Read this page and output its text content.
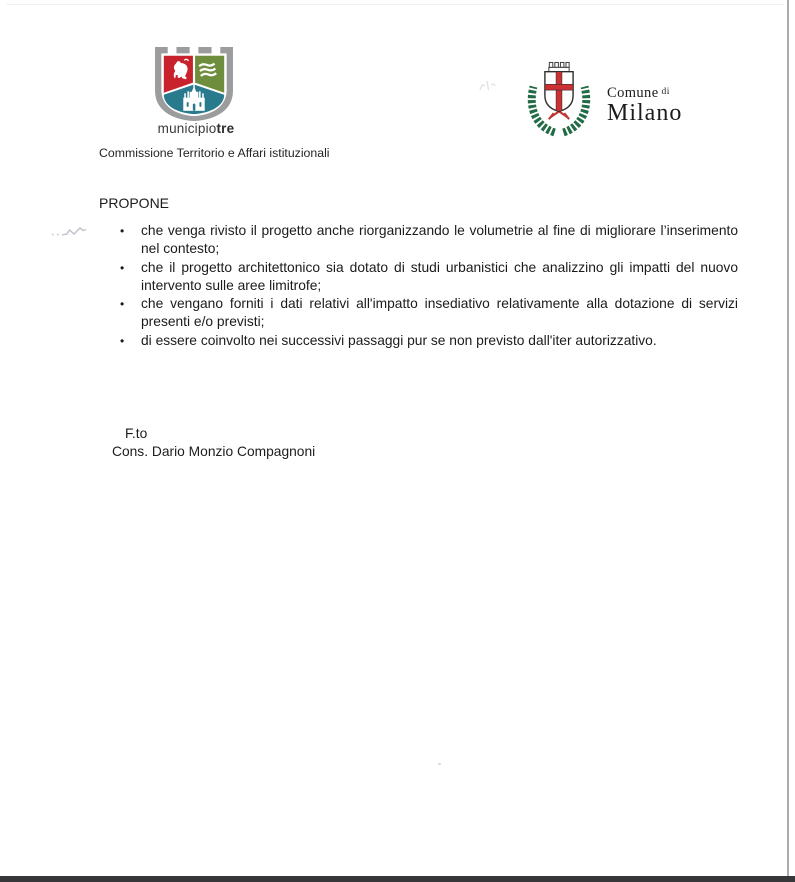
municipiotre
Commissione Territorio e Affari istituzionali
Comune $^{di}$
Milano
PROPONE
•	che venga rivisto il progetto anche riorganizzando le volumetrie al fine di migliorare l’inserimento nel contesto;
•	che il progetto architettonico sia dotato di studi urbanistici che analizzino gli impatti del nuovo intervento sulle aree limitrofe;
•	che vengano forniti i dati relativi all'impatto insediativo relativamente alla dotazione di servizi presenti e/o previsti;
•	di essere coinvolto nei successivi passaggi pur se non previsto dall'iter autorizzativo.
F.to
Cons. Dario Monzio Compagnoni
